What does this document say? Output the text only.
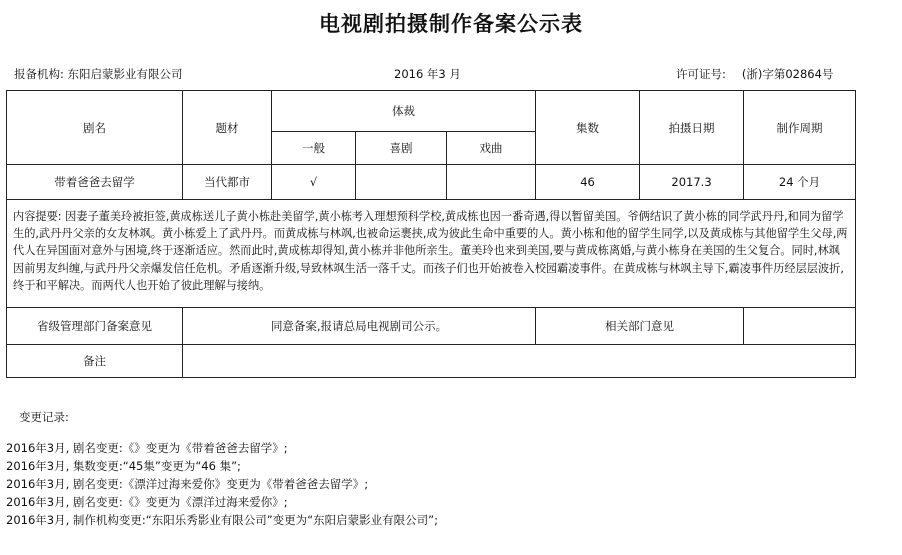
电视剧拍摄制作备案公示表
报备机构: 东阳启蒙影业有限公司	2016 年3 月	许可证号: (浙)字第02864号
剧名	题材	体裁			集数	拍摄日期	制作周期
		一般	喜剧	戏曲			
带着爸爸去留学	当代都市	√			46	2017.3	24 个月
内容提要: 因妻子董美玲被拒签,黄成栋送儿子黄小栋赴美留学,黄小栋考入理想预科学校,黄成栋也因一番奇遇,得以暂留美国。爷俩结识了黄小栋的同学武丹丹,和同为留学生的,武丹丹父亲的女友林飒。黄小栋爱上了武丹丹。而黄成栋与林飒,也被命运裹挟,成为彼此生命中重要的人。黄小栋和他的留学生同学,以及黄成栋与其他留学生父母,两代人在异国面对意外与困境,终于逐渐适应。然而此时,黄成栋却得知,黄小栋并非他所亲生。董美玲也来到美国,要与黄成栋离婚,与黄小栋身在美国的生父复合。同时,林飒因前男友纠缠,与武丹丹父亲爆发信任危机。矛盾逐渐升级,导致林飒生活一落千丈。而孩子们也开始被卷入校园霸凌事件。在黄成栋与林飒主导下,霸凌事件历经层层波折,终于和平解决。而两代人也开始了彼此理解与接纳。							
省级管理部门备案意见	同意备案,报请总局电视剧司公示。				相关部门意见		
备注							
变更记录:
2016年3月, 剧名变更:《》变更为《带着爸爸去留学》;
2016年3月, 集数变更:“45集”变更为“46 集”;
2016年3月, 剧名变更:《漂洋过海来爱你》变更为《带着爸爸去留学》;
2016年3月, 剧名变更:《》变更为《漂洋过海来爱你》;
2016年3月, 制作机构变更:“东阳乐秀影业有限公司”变更为“东阳启蒙影业有限公司”;
